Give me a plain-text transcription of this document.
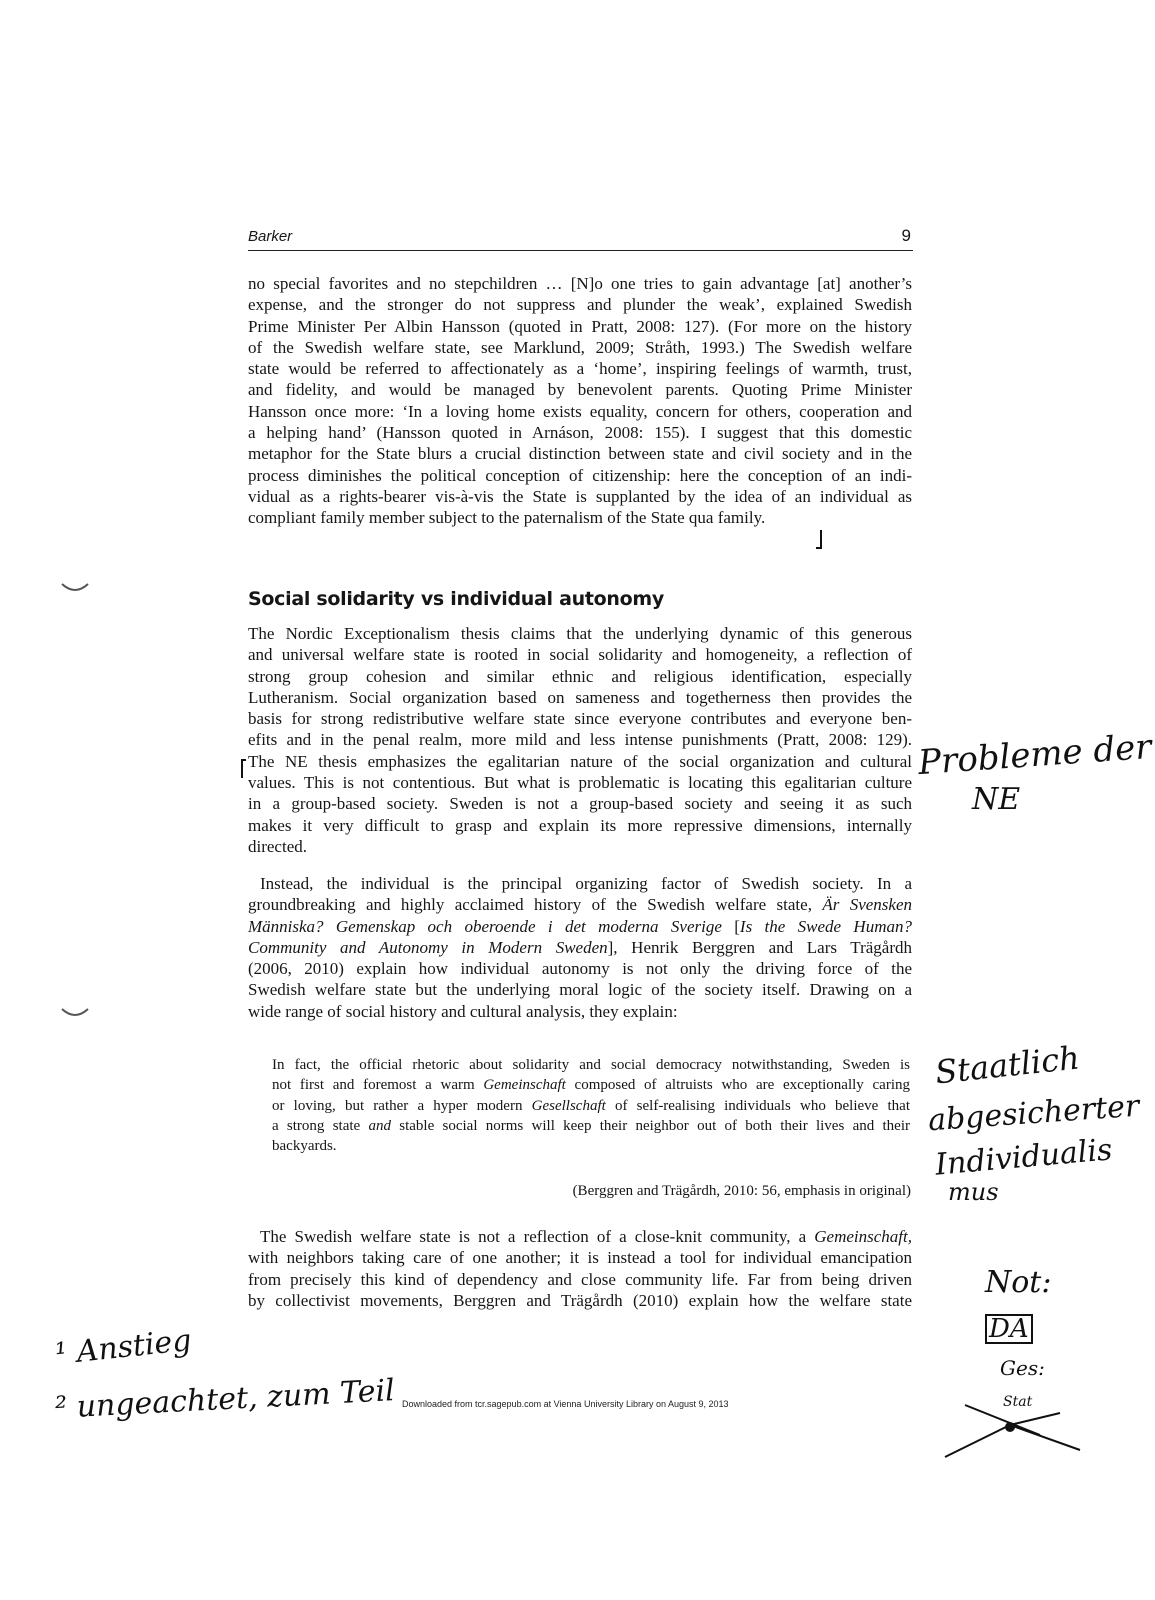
Barker	9
no special favorites and no stepchildren … [N]o one tries to gain advantage [at] another’s
expense, and the stronger do not suppress and plunder the weak’, explained Swedish
Prime Minister Per Albin Hansson (quoted in Pratt, 2008: 127). (For more on the history
of the Swedish welfare state, see Marklund, 2009; Stråth, 1993.) The Swedish welfare
state would be referred to affectionately as a ‘home’, inspiring feelings of warmth, trust,
and fidelity, and would be managed by benevolent parents. Quoting Prime Minister
Hansson once more: ‘In a loving home exists equality, concern for others, cooperation and
a helping hand’ (Hansson quoted in Arnáson, 2008: 155). I suggest that this domestic
metaphor for the State blurs a crucial distinction between state and civil society and in the
process diminishes the political conception of citizenship: here the conception of an indi-
vidual as a rights-bearer vis-à-vis the State is supplanted by the idea of an individual as
compliant family member subject to the paternalism of the State qua family.
Social solidarity vs individual autonomy
The Nordic Exceptionalism thesis claims that the underlying dynamic of this generous
and universal welfare state is rooted in social solidarity and homogeneity, a reflection of
strong group cohesion and similar ethnic and religious identification, especially
Lutheranism. Social organization based on sameness and togetherness then provides the
basis for strong redistributive welfare state since everyone contributes and everyone ben-
efits and in the penal realm, more mild and less intense punishments (Pratt, 2008: 129).
The NE thesis emphasizes the egalitarian nature of the social organization and cultural
values. This is not contentious. But what is problematic is locating this egalitarian culture
in a group-based society. Sweden is not a group-based society and seeing it as such
makes it very difficult to grasp and explain its more repressive dimensions, internally
directed.
Instead, the individual is the principal organizing factor of Swedish society. In a
groundbreaking and highly acclaimed history of the Swedish welfare state, Är Svensken
Människa? Gemenskap och oberoende i det moderna Sverige [Is the Swede Human?
Community and Autonomy in Modern Sweden], Henrik Berggren and Lars Trägårdh
(2006, 2010) explain how individual autonomy is not only the driving force of the
Swedish welfare state but the underlying moral logic of the society itself. Drawing on a
wide range of social history and cultural analysis, they explain:
In fact, the official rhetoric about solidarity and social democracy notwithstanding, Sweden is
not first and foremost a warm Gemeinschaft composed of altruists who are exceptionally caring
or loving, but rather a hyper modern Gesellschaft of self-realising individuals who believe that
a strong state and stable social norms will keep their neighbor out of both their lives and their
backyards.
(Berggren and Trägårdh, 2010: 56, emphasis in original)
The Swedish welfare state is not a reflection of a close-knit community, a Gemeinschaft,
with neighbors taking care of one another; it is instead a tool for individual emancipation
from precisely this kind of dependency and close community life. Far from being driven
by collectivist movements, Berggren and Trägårdh (2010) explain how the welfare state
Downloaded from tcr.sagepub.com at Vienna University Library on August 9, 2013
Probleme der
NE
Staatlich
abgesicherter
Individualis
mus
Not:
DA
Ges:
Stat
¹ Anstieg
² ungeachtet, zum Teil
